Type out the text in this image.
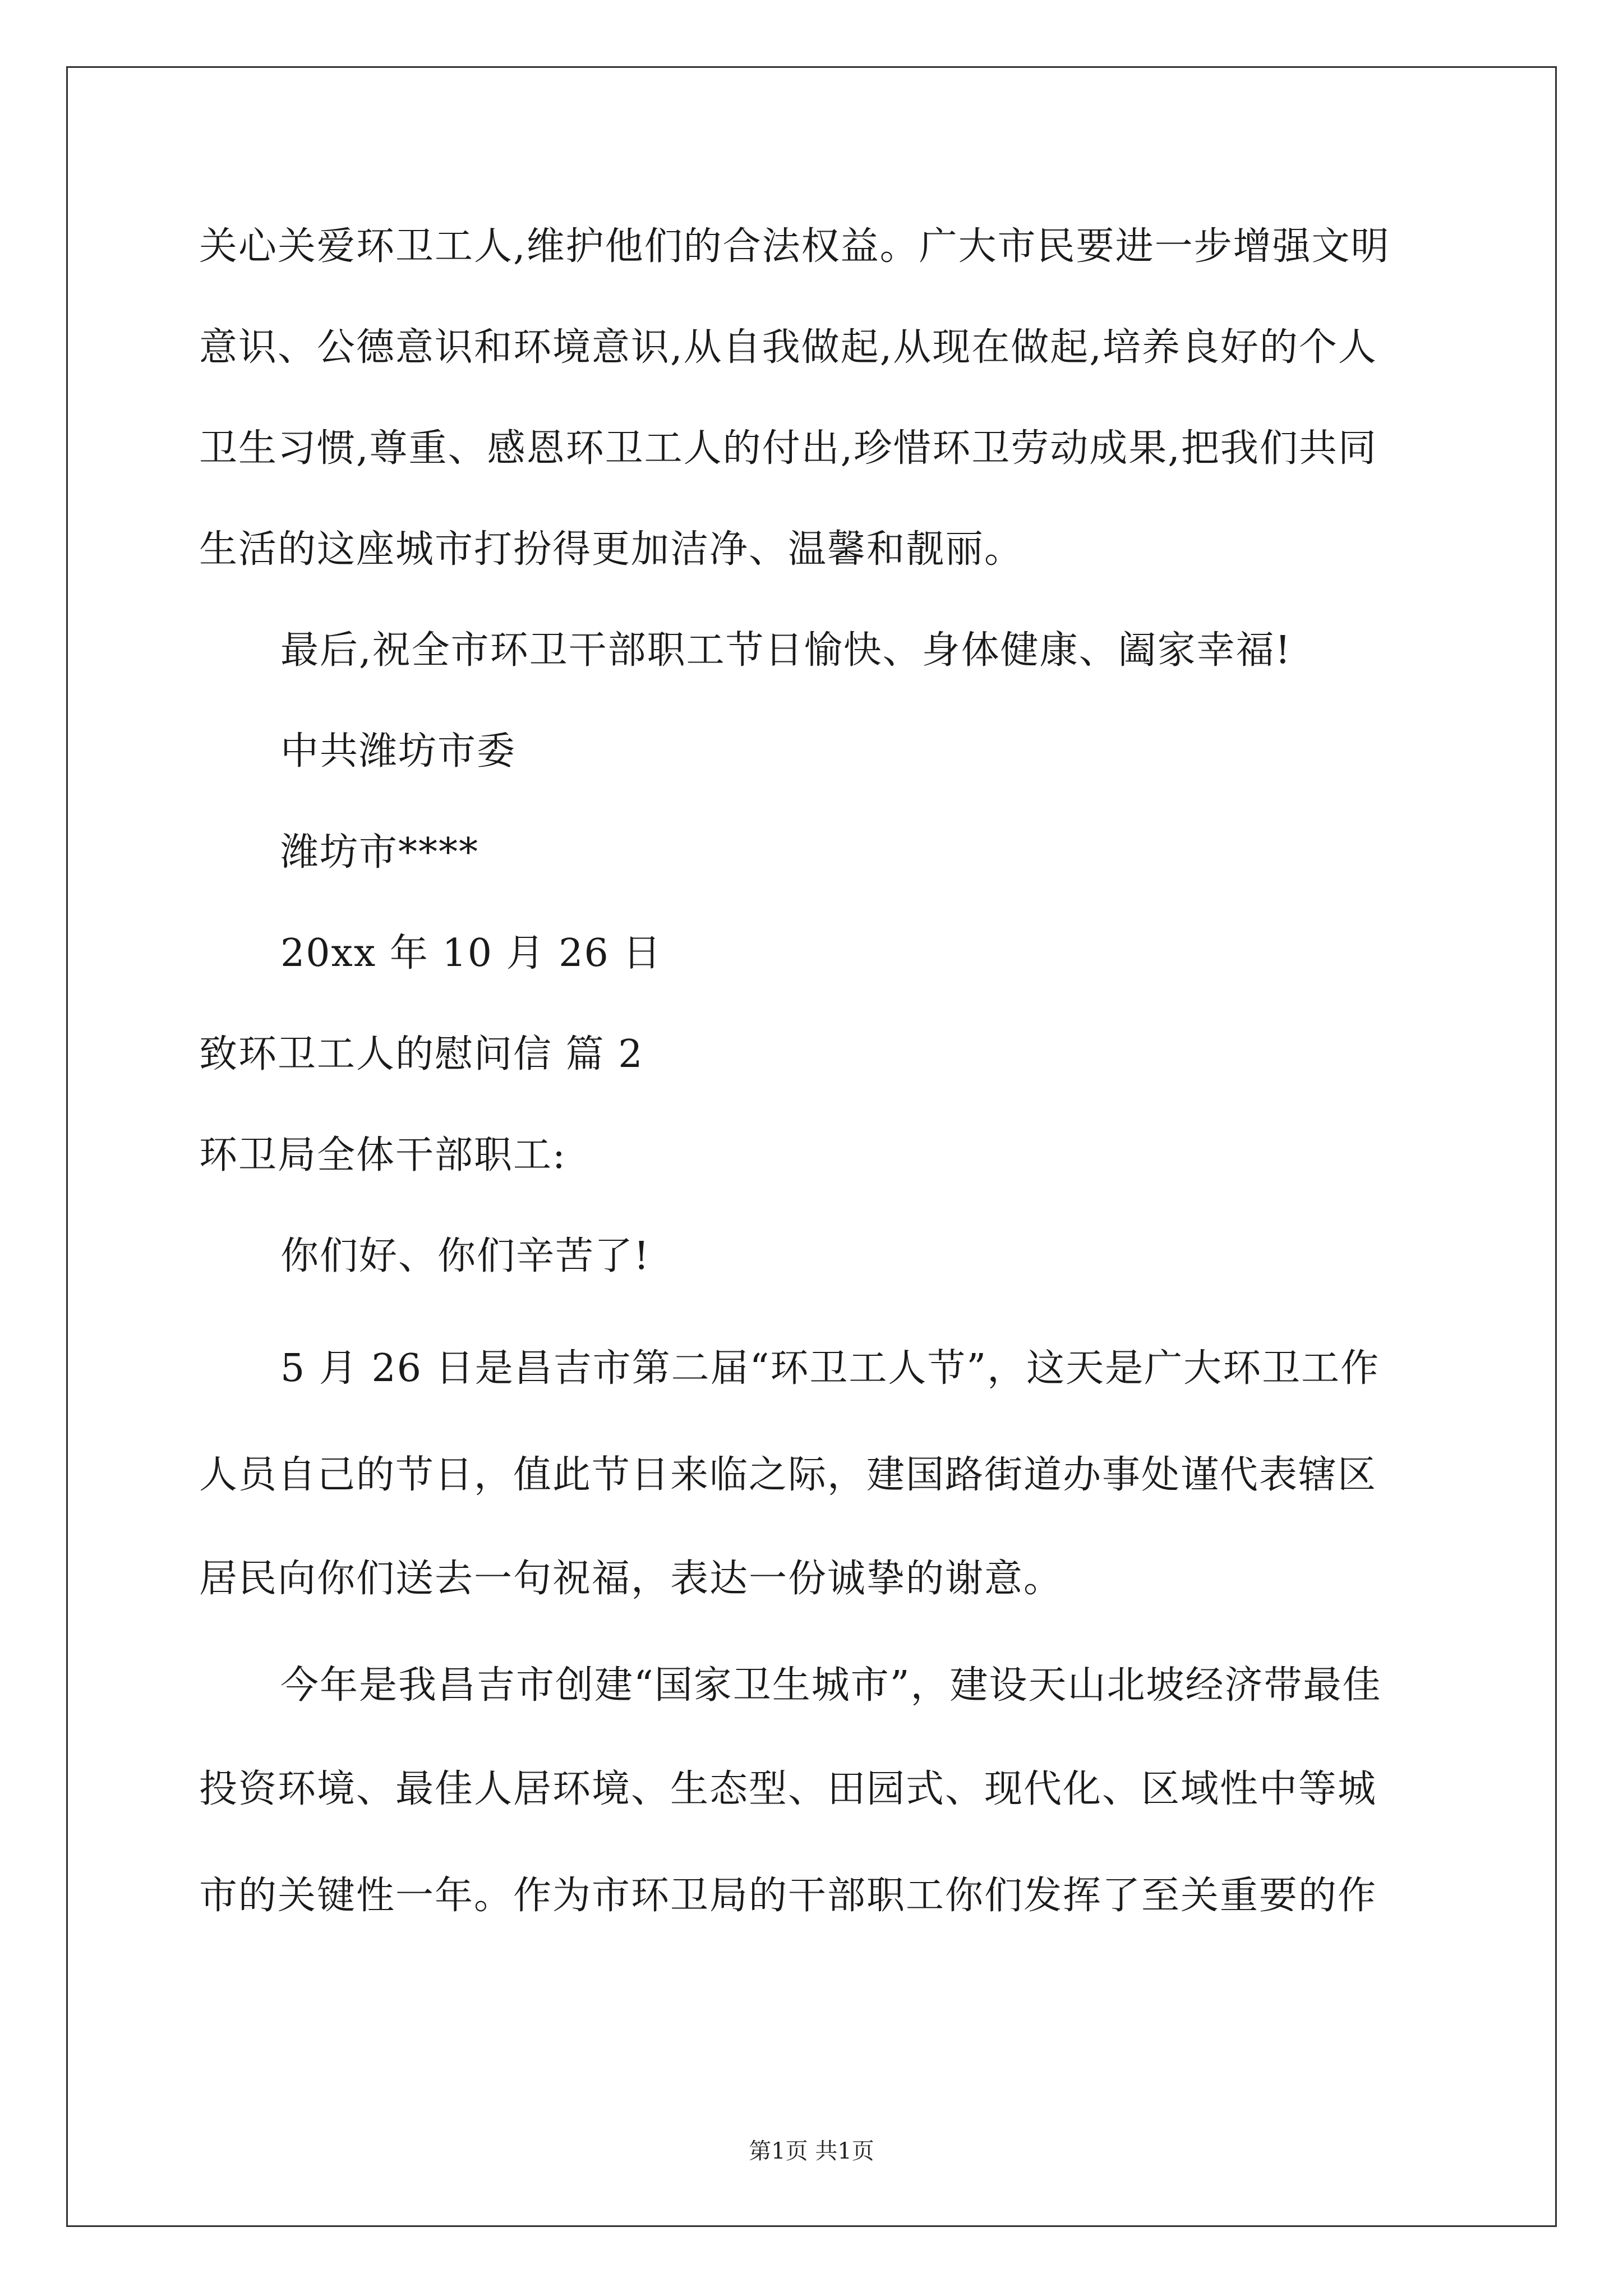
关心关爱环卫工人,维护他们的合法权益。广大市民要进一步增强文明
意识、公德意识和环境意识,从自我做起,从现在做起,培养良好的个人
卫生习惯,尊重、感恩环卫工人的付出,珍惜环卫劳动成果,把我们共同
生活的这座城市打扮得更加洁净、温馨和靓丽。
最后,祝全市环卫干部职工节日愉快、身体健康、阖家幸福!
中共潍坊市委
潍坊市****
20xx 年 10 月 26 日
致环卫工人的慰问信 篇 2
环卫局全体干部职工:
你们好、你们辛苦了!
5 月 26 日是昌吉市第二届“环卫工人节”，这天是广大环卫工作
人员自己的节日，值此节日来临之际，建国路街道办事处谨代表辖区
居民向你们送去一句祝福，表达一份诚挚的谢意。
今年是我昌吉市创建“国家卫生城市”，建设天山北坡经济带最佳
投资环境、最佳人居环境、生态型、田园式、现代化、区域性中等城
市的关键性一年。作为市环卫局的干部职工你们发挥了至关重要的作
第1页 共1页
